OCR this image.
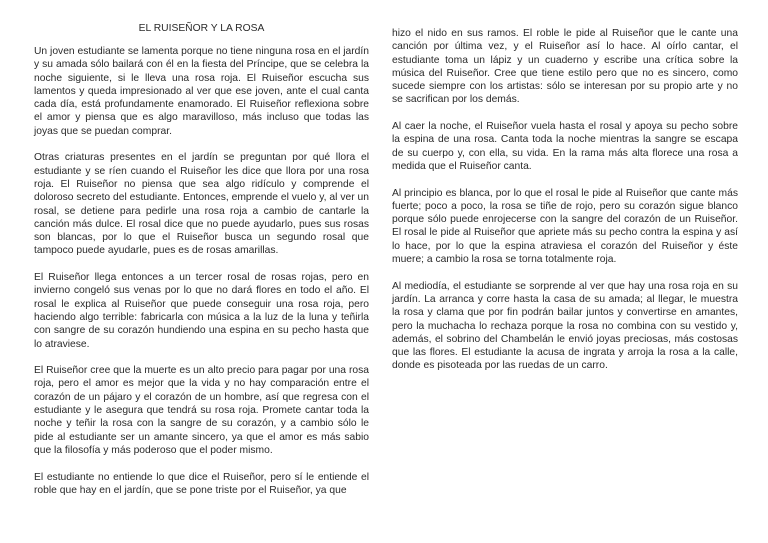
EL RUISEÑOR Y LA ROSA

Un joven estudiante se lamenta porque no tiene ninguna rosa en el jardín y su amada sólo bailará con él en la fiesta del Príncipe, que se celebra la noche siguiente, si le lleva una rosa roja. El Ruiseñor escucha sus lamentos y queda impresionado al ver que ese joven, ante el cual canta cada día, está profundamente enamorado. El Ruiseñor reflexiona sobre el amor y piensa que es algo maravilloso, más incluso que todas las joyas que se puedan comprar.

Otras criaturas presentes en el jardín se preguntan por qué llora el estudiante y se ríen cuando el Ruiseñor les dice que llora por una rosa roja. El Ruiseñor no piensa que sea algo ridículo y comprende el doloroso secreto del estudiante. Entonces, emprende el vuelo y, al ver un rosal, se detiene para pedirle una rosa roja a cambio de cantarle la canción más dulce. El rosal dice que no puede ayudarlo, pues sus rosas son blancas, por lo que el Ruiseñor busca un segundo rosal que tampoco puede ayudarle, pues es de rosas amarillas.

El Ruiseñor llega entonces a un tercer rosal de rosas rojas, pero en invierno congeló sus venas por lo que no dará flores en todo el año. El rosal le explica al Ruiseñor que puede conseguir una rosa roja, pero haciendo algo terrible: fabricarla con música a la luz de la luna y teñirla con sangre de su corazón hundiendo una espina en su pecho hasta que lo atraviese.

El Ruiseñor cree que la muerte es un alto precio para pagar por una rosa roja, pero el amor es mejor que la vida y no hay comparación entre el corazón de un pájaro y el corazón de un hombre, así que regresa con el estudiante y le asegura que tendrá su rosa roja. Promete cantar toda la noche y teñir la rosa con la sangre de su corazón, y a cambio sólo le pide al estudiante ser un amante sincero, ya que el amor es más sabio que la filosofía y más poderoso que el poder mismo.

El estudiante no entiende lo que dice el Ruiseñor, pero sí le entiende el roble que hay en el jardín, que se pone triste por el Ruiseñor, ya que

hizo el nido en sus ramos. El roble le pide al Ruiseñor que le cante una canción por última vez, y el Ruiseñor así lo hace. Al oírlo cantar, el estudiante toma un lápiz y un cuaderno y escribe una crítica sobre la música del Ruiseñor. Cree que tiene estilo pero que no es sincero, como sucede siempre con los artistas: sólo se interesan por su propio arte y no se sacrifican por los demás.

Al caer la noche, el Ruiseñor vuela hasta el rosal y apoya su pecho sobre la espina de una rosa. Canta toda la noche mientras la sangre se escapa de su cuerpo y, con ella, su vida. En la rama más alta florece una rosa a medida que el Ruiseñor canta.

Al principio es blanca, por lo que el rosal le pide al Ruiseñor que cante más fuerte; poco a poco, la rosa se tiñe de rojo, pero su corazón sigue blanco porque sólo puede enrojecerse con la sangre del corazón de un Ruiseñor. El rosal le pide al Ruiseñor que apriete más su pecho contra la espina y así lo hace, por lo que la espina atraviesa el corazón del Ruiseñor y éste muere; a cambio la rosa se torna totalmente roja.

Al mediodía, el estudiante se sorprende al ver que hay una rosa roja en su jardín. La arranca y corre hasta la casa de su amada; al llegar, le muestra la rosa y clama que por fin podrán bailar juntos y convertirse en amantes, pero la muchacha lo rechaza porque la rosa no combina con su vestido y, además, el sobrino del Chambelán le envió joyas preciosas, más costosas que las flores. El estudiante la acusa de ingrata y arroja la rosa a la calle, donde es pisoteada por las ruedas de un carro.
